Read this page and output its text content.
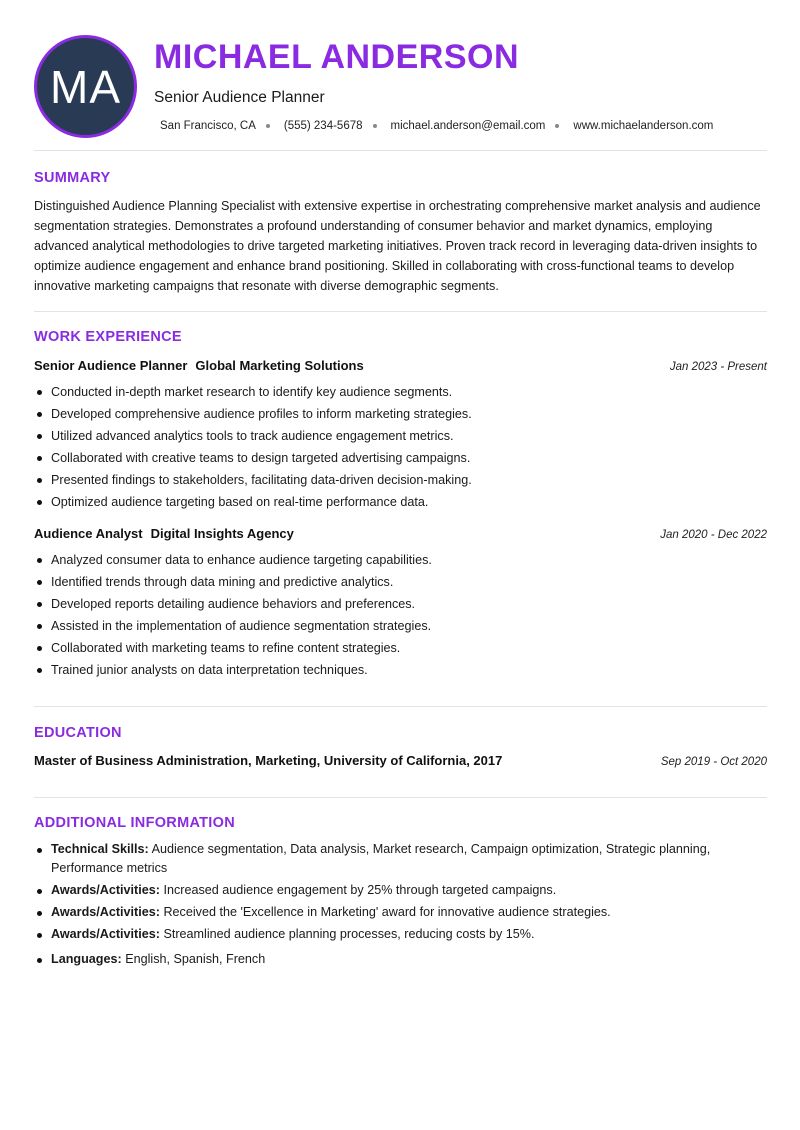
MA
MICHAEL ANDERSON
Senior Audience Planner
San Francisco, CA (555) 234-5678 michael.anderson@email.com www.michaelanderson.com
SUMMARY
Distinguished Audience Planning Specialist with extensive expertise in orchestrating comprehensive market analysis and audience segmentation strategies. Demonstrates a profound understanding of consumer behavior and market dynamics, employing advanced analytical methodologies to drive targeted marketing initiatives. Proven track record in leveraging data-driven insights to optimize audience engagement and enhance brand positioning. Skilled in collaborating with cross-functional teams to develop innovative marketing campaigns that resonate with diverse demographic segments.
WORK EXPERIENCE
Senior Audience Planner Global Marketing Solutions	Jan 2023 - Present
Conducted in-depth market research to identify key audience segments.
Developed comprehensive audience profiles to inform marketing strategies.
Utilized advanced analytics tools to track audience engagement metrics.
Collaborated with creative teams to design targeted advertising campaigns.
Presented findings to stakeholders, facilitating data-driven decision-making.
Optimized audience targeting based on real-time performance data.
Audience Analyst Digital Insights Agency	Jan 2020 - Dec 2022
Analyzed consumer data to enhance audience targeting capabilities.
Identified trends through data mining and predictive analytics.
Developed reports detailing audience behaviors and preferences.
Assisted in the implementation of audience segmentation strategies.
Collaborated with marketing teams to refine content strategies.
Trained junior analysts on data interpretation techniques.
EDUCATION
Master of Business Administration, Marketing, University of California, 2017	Sep 2019 - Oct 2020
ADDITIONAL INFORMATION
Technical Skills: Audience segmentation, Data analysis, Market research, Campaign optimization, Strategic planning, Performance metrics
Awards/Activities: Increased audience engagement by 25% through targeted campaigns.
Awards/Activities: Received the 'Excellence in Marketing' award for innovative audience strategies.
Awards/Activities: Streamlined audience planning processes, reducing costs by 15%.
Languages: English, Spanish, French
